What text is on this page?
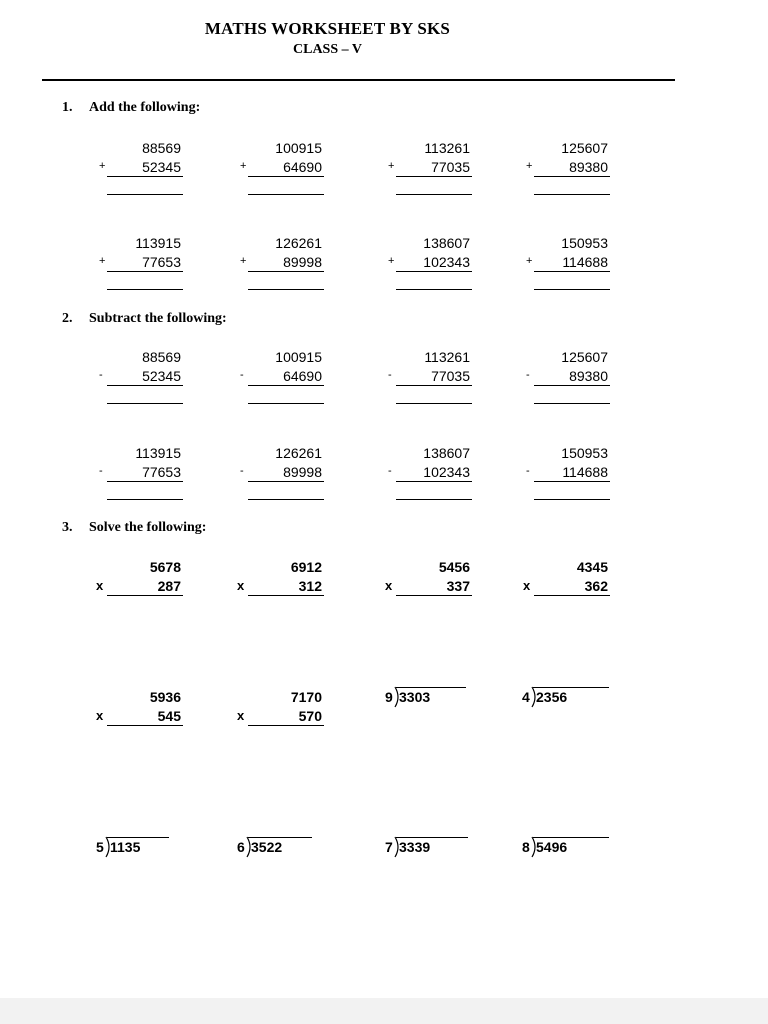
MATHS WORKSHEET BY SKS
CLASS – V
1. Add the following:
2. Subtract the following:
3. Solve the following:
88569
52345
+
100915
64690
+
113261
77035
+
125607
89380
+
113915
77653
+
126261
89998
+
138607
102343
+
150953
114688
+
88569
52345
-
100915
64690
-
113261
77035
-
125607
89380
-
113915
77653
-
126261
89998
-
138607
102343
-
150953
114688
-
5678
287
x
6912
312
x
5456
337
x
4345
362
x
5936
545
x
7170
570
x
9 3303	4 2356
5 1135	6 3522	7 3339	8 5496
